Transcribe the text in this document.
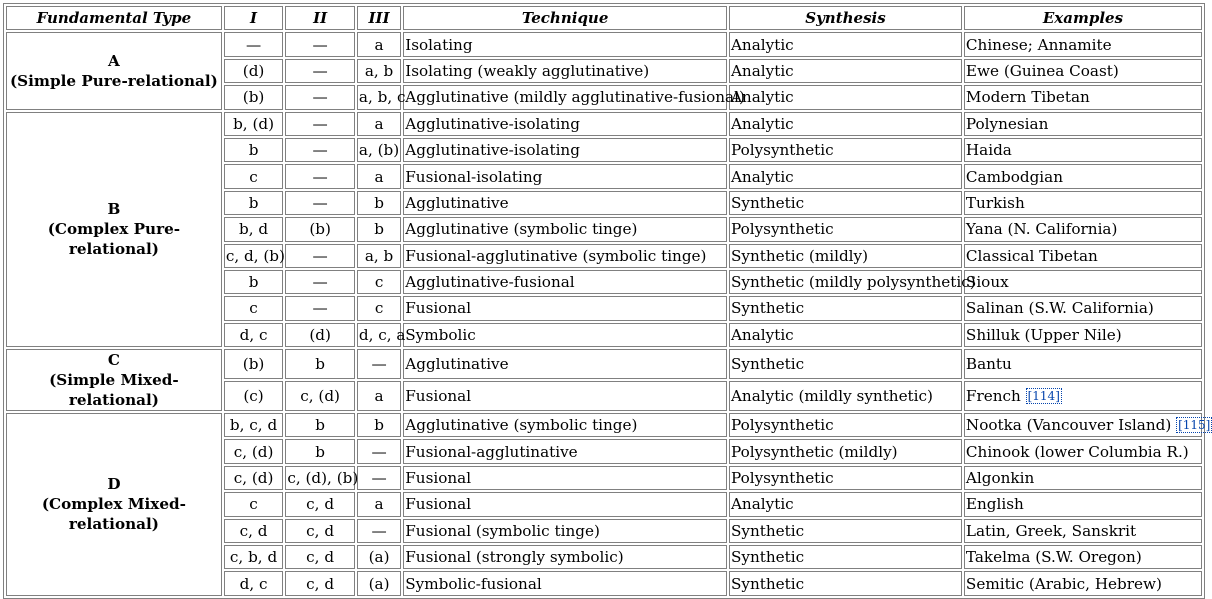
Fundamental Type	I	II	III	Technique	Synthesis	Examples
A
(Simple Pure-relational)	—	—	a	Isolating	Analytic	Chinese; Annamite
	(d)	—	a, b	Isolating (weakly agglutinative)	Analytic	Ewe (Guinea Coast)
	(b)	—	a, b, c	Agglutinative (mildly agglutinative-fusional)	Analytic	Modern Tibetan
B
(Complex Pure-relational)	b, (d)	—	a	Agglutinative-isolating	Analytic	Polynesian
	b	—	a, (b)	Agglutinative-isolating	Polysynthetic	Haida
	c	—	a	Fusional-isolating	Analytic	Cambodgian
	b	—	b	Agglutinative	Synthetic	Turkish
	b, d	(b)	b	Agglutinative (symbolic tinge)	Polysynthetic	Yana (N. California)
	c, d, (b)	—	a, b	Fusional-agglutinative (symbolic tinge)	Synthetic (mildly)	Classical Tibetan
	b	—	c	Agglutinative-fusional	Synthetic (mildly polysynthetic)	Sioux
	c	—	c	Fusional	Synthetic	Salinan (S.W. California)
	d, c	(d)	d, c, a	Symbolic	Analytic	Shilluk (Upper Nile)
C
(Simple Mixed-relational)	(b)	b	—	Agglutinative	Synthetic	Bantu
	(c)	c, (d)	a	Fusional	Analytic (mildly synthetic)	French [114]
D
(Complex Mixed-relational)	b, c, d	b	b	Agglutinative (symbolic tinge)	Polysynthetic	Nootka (Vancouver Island) [115]
	c, (d)	b	—	Fusional-agglutinative	Polysynthetic (mildly)	Chinook (lower Columbia R.)
	c, (d)	c, (d), (b)	—	Fusional	Polysynthetic	Algonkin
	c	c, d	a	Fusional	Analytic	English
	c, d	c, d	—	Fusional (symbolic tinge)	Synthetic	Latin, Greek, Sanskrit
	c, b, d	c, d	(a)	Fusional (strongly symbolic)	Synthetic	Takelma (S.W. Oregon)
	d, c	c, d	(a)	Symbolic-fusional	Synthetic	Semitic (Arabic, Hebrew)
